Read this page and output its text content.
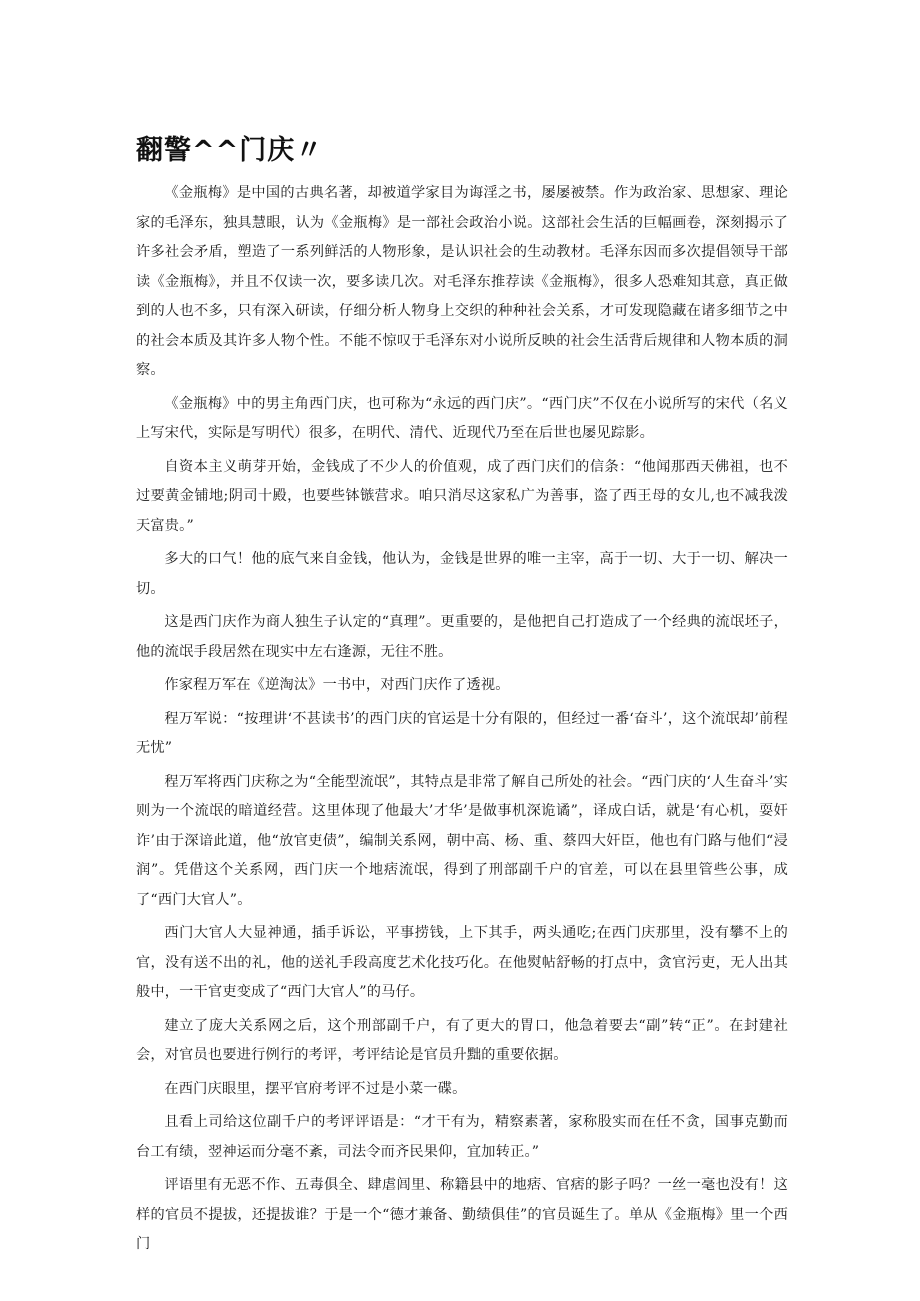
翻警^^门庆〃

《金瓶梅》是中国的古典名著，却被道学家目为诲淫之书，屡屡被禁。作为政治家、思想家、理论家的毛泽东，独具慧眼，认为《金瓶梅》是一部社会政治小说。这部社会生活的巨幅画卷，深刻揭示了许多社会矛盾，塑造了一系列鲜活的人物形象，是认识社会的生动教材。毛泽东因而多次提倡领导干部读《金瓶梅》，并且不仅读一次，要多读几次。对毛泽东推荐读《金瓶梅》，很多人恐难知其意，真正做到的人也不多，只有深入研读，仔细分析人物身上交织的种种社会关系，才可发现隐藏在诸多细节之中的社会本质及其许多人物个性。不能不惊叹于毛泽东对小说所反映的社会生活背后规律和人物本质的洞察。

《金瓶梅》中的男主角西门庆，也可称为“永远的西门庆”。“西门庆”不仅在小说所写的宋代（名义上写宋代，实际是写明代）很多，在明代、清代、近现代乃至在后世也屡见踪影。

自资本主义萌芽开始，金钱成了不少人的价值观，成了西门庆们的信条：“他闻那西天佛祖，也不过要黄金铺地;阴司十殿，也要些钵镞营求。咱只消尽这家私广为善事，盗了西王母的女儿,也不减我泼天富贵。”

多大的口气！他的底气来自金钱，他认为，金钱是世界的唯一主宰，高于一切、大于一切、解决一切。

这是西门庆作为商人独生子认定的“真理”。更重要的，是他把自己打造成了一个经典的流氓坯子，他的流氓手段居然在现实中左右逢源，无往不胜。

作家程万军在《逆淘汰》一书中，对西门庆作了透视。

程万军说：“按理讲‘不甚读书’的西门庆的官运是十分有限的，但经过一番‘奋斗’，这个流氓却’前程无忧”

程万军将西门庆称之为“全能型流氓”，其特点是非常了解自己所处的社会。“西门庆的‘人生奋斗’实则为一个流氓的暗道经营。这里体现了他最大’才华’是做事机深诡谲”，译成白话，就是‘有心机，耍奸诈’由于深谙此道，他“放官吏债”，编制关系网，朝中高、杨、重、蔡四大奸臣，他也有门路与他们“浸润”。凭借这个关系网，西门庆一个地痞流氓，得到了刑部副千户的官差，可以在县里管些公事，成了“西门大官人”。

西门大官人大显神通，插手诉讼，平事捞钱，上下其手，两头通吃;在西门庆那里，没有攀不上的官，没有送不出的礼，他的送礼手段高度艺术化技巧化。在他熨帖舒畅的打点中，贪官污吏，无人出其般中，一干官吏变成了“西门大官人”的马仔。

建立了庞大关系网之后，这个刑部副千户，有了更大的胃口，他急着要去“副”转“正”。在封建社会，对官员也要进行例行的考评，考评结论是官员升黜的重要依据。

在西门庆眼里，摆平官府考评不过是小菜一碟。

且看上司给这位副千户的考评评语是：“才干有为，精察素著，家称股实而在任不贪，国事克勤而台工有绩，翌神运而分毫不紊，司法令而齐民果仰，宜加转正。”

评语里有无恶不作、五毒俱全、肆虐闾里、称籍县中的地痞、官痞的影子吗？一丝一毫也没有！这样的官员不提拔，还提拔谁？于是一个“德才兼备、勤绩俱佳”的官员诞生了。单从《金瓶梅》里一个西门
